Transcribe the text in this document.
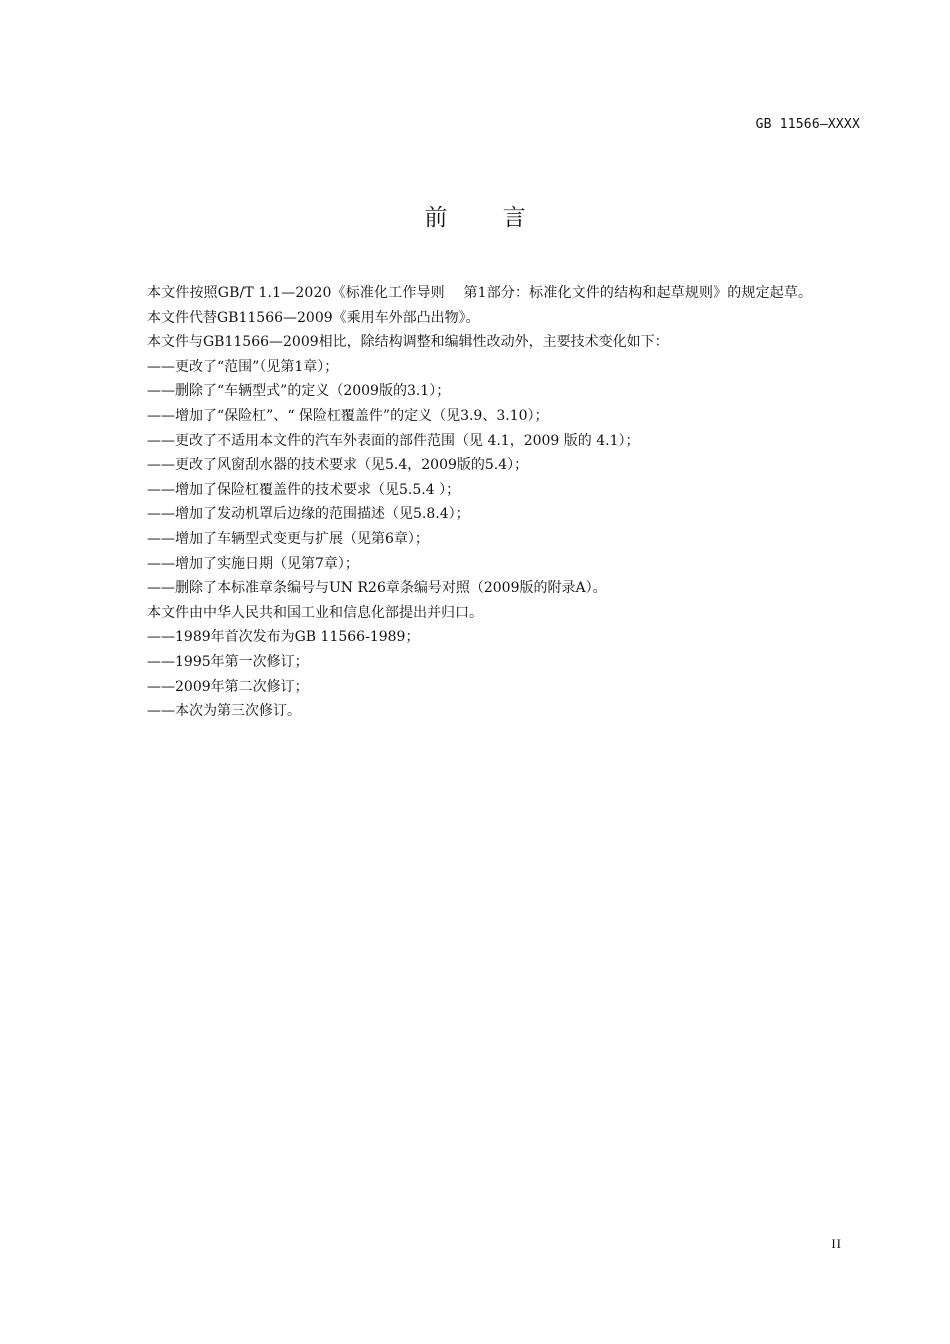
GB 11566—XXXX
前 言

本文件按照GB/T 1.1—2020《标准化工作导则　 第1部分：标准化文件的结构和起草规则》的规定起草。

本文件代替GB11566—2009《乘用车外部凸出物》。

本文件与GB11566—2009相比，除结构调整和编辑性改动外，主要技术变化如下：

——更改了“范围”（见第1章）；

——删除了“车辆型式”的定义（2009版的3.1）；

——增加了“保险杠”、“ 保险杠覆盖件”的定义（见3.9、3.10）；

——更改了不适用本文件的汽车外表面的部件范围（见 4.1，2009 版的 4.1）；

——更改了风窗刮水器的技术要求（见5.4，2009版的5.4）；

——增加了保险杠覆盖件的技术要求（见5.5.4 ）；

——增加了发动机罩后边缘的范围描述（见5.8.4）；

——增加了车辆型式变更与扩展（见第6章）；

——增加了实施日期（见第7章）；

——删除了本标准章条编号与UN R26章条编号对照（2009版的附录A）。

本文件由中华人民共和国工业和信息化部提出并归口。

——1989年首次发布为GB 11566-1989；

——1995年第一次修订；

——2009年第二次修订；

——本次为第三次修订。

II
